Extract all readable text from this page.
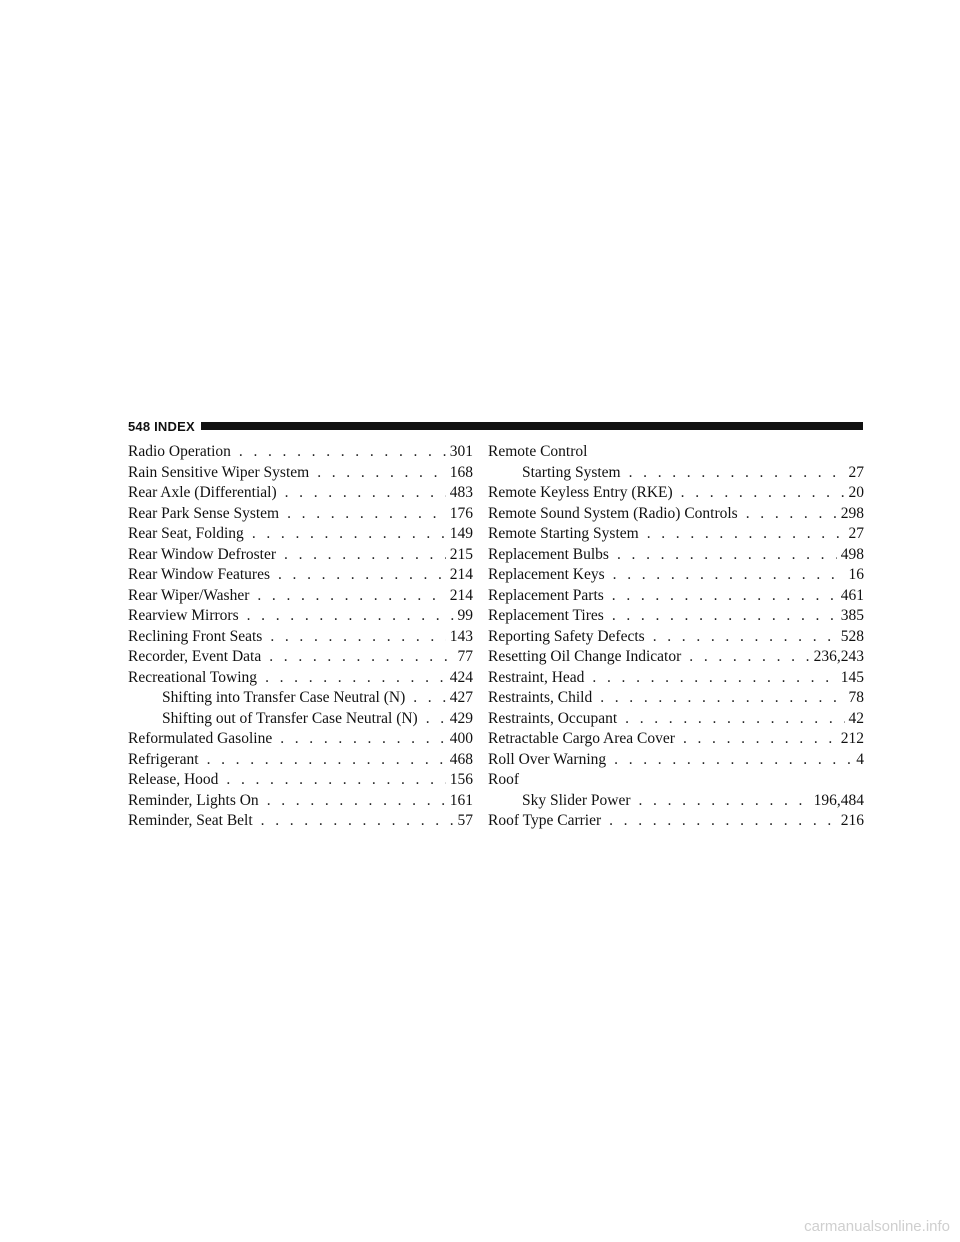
548 INDEX
Radio Operation . . .	301
Rain Sensitive Wiper System . . .	168
Rear Axle (Differential) . . .	483
Rear Park Sense System . . .	176
Rear Seat, Folding . . .	149
Rear Window Defroster . . .	215
Rear Window Features . . .	214
Rear Wiper/Washer . . .	214
Rearview Mirrors . . .	99
Reclining Front Seats . . .	143
Recorder, Event Data . . .	77
Recreational Towing . . .	424
Shifting into Transfer Case Neutral (N) . . .	427
Shifting out of Transfer Case Neutral (N) . . . 429
Reformulated Gasoline . . .	400
Refrigerant . . .	468
Release, Hood . . .	156
Reminder, Lights On . . .	161
Reminder, Seat Belt . . .	57
Remote Control
Starting System . . .	27
Remote Keyless Entry (RKE) . . .	20
Remote Sound System (Radio) Controls . . .	298
Remote Starting System . . .	27
Replacement Bulbs . . .	498
Replacement Keys . . .	16
Replacement Parts . . .	461
Replacement Tires . . .	385
Reporting Safety Defects . . .	528
Resetting Oil Change Indicator . . .	236,243
Restraint, Head . . .	145
Restraints, Child . . .	78
Restraints, Occupant . . .	42
Retractable Cargo Area Cover . . .	212
Roll Over Warning . . .	4
Roof
Sky Slider Power . . .	196,484
Roof Type Carrier . . .	216
carmanualsonline.info
